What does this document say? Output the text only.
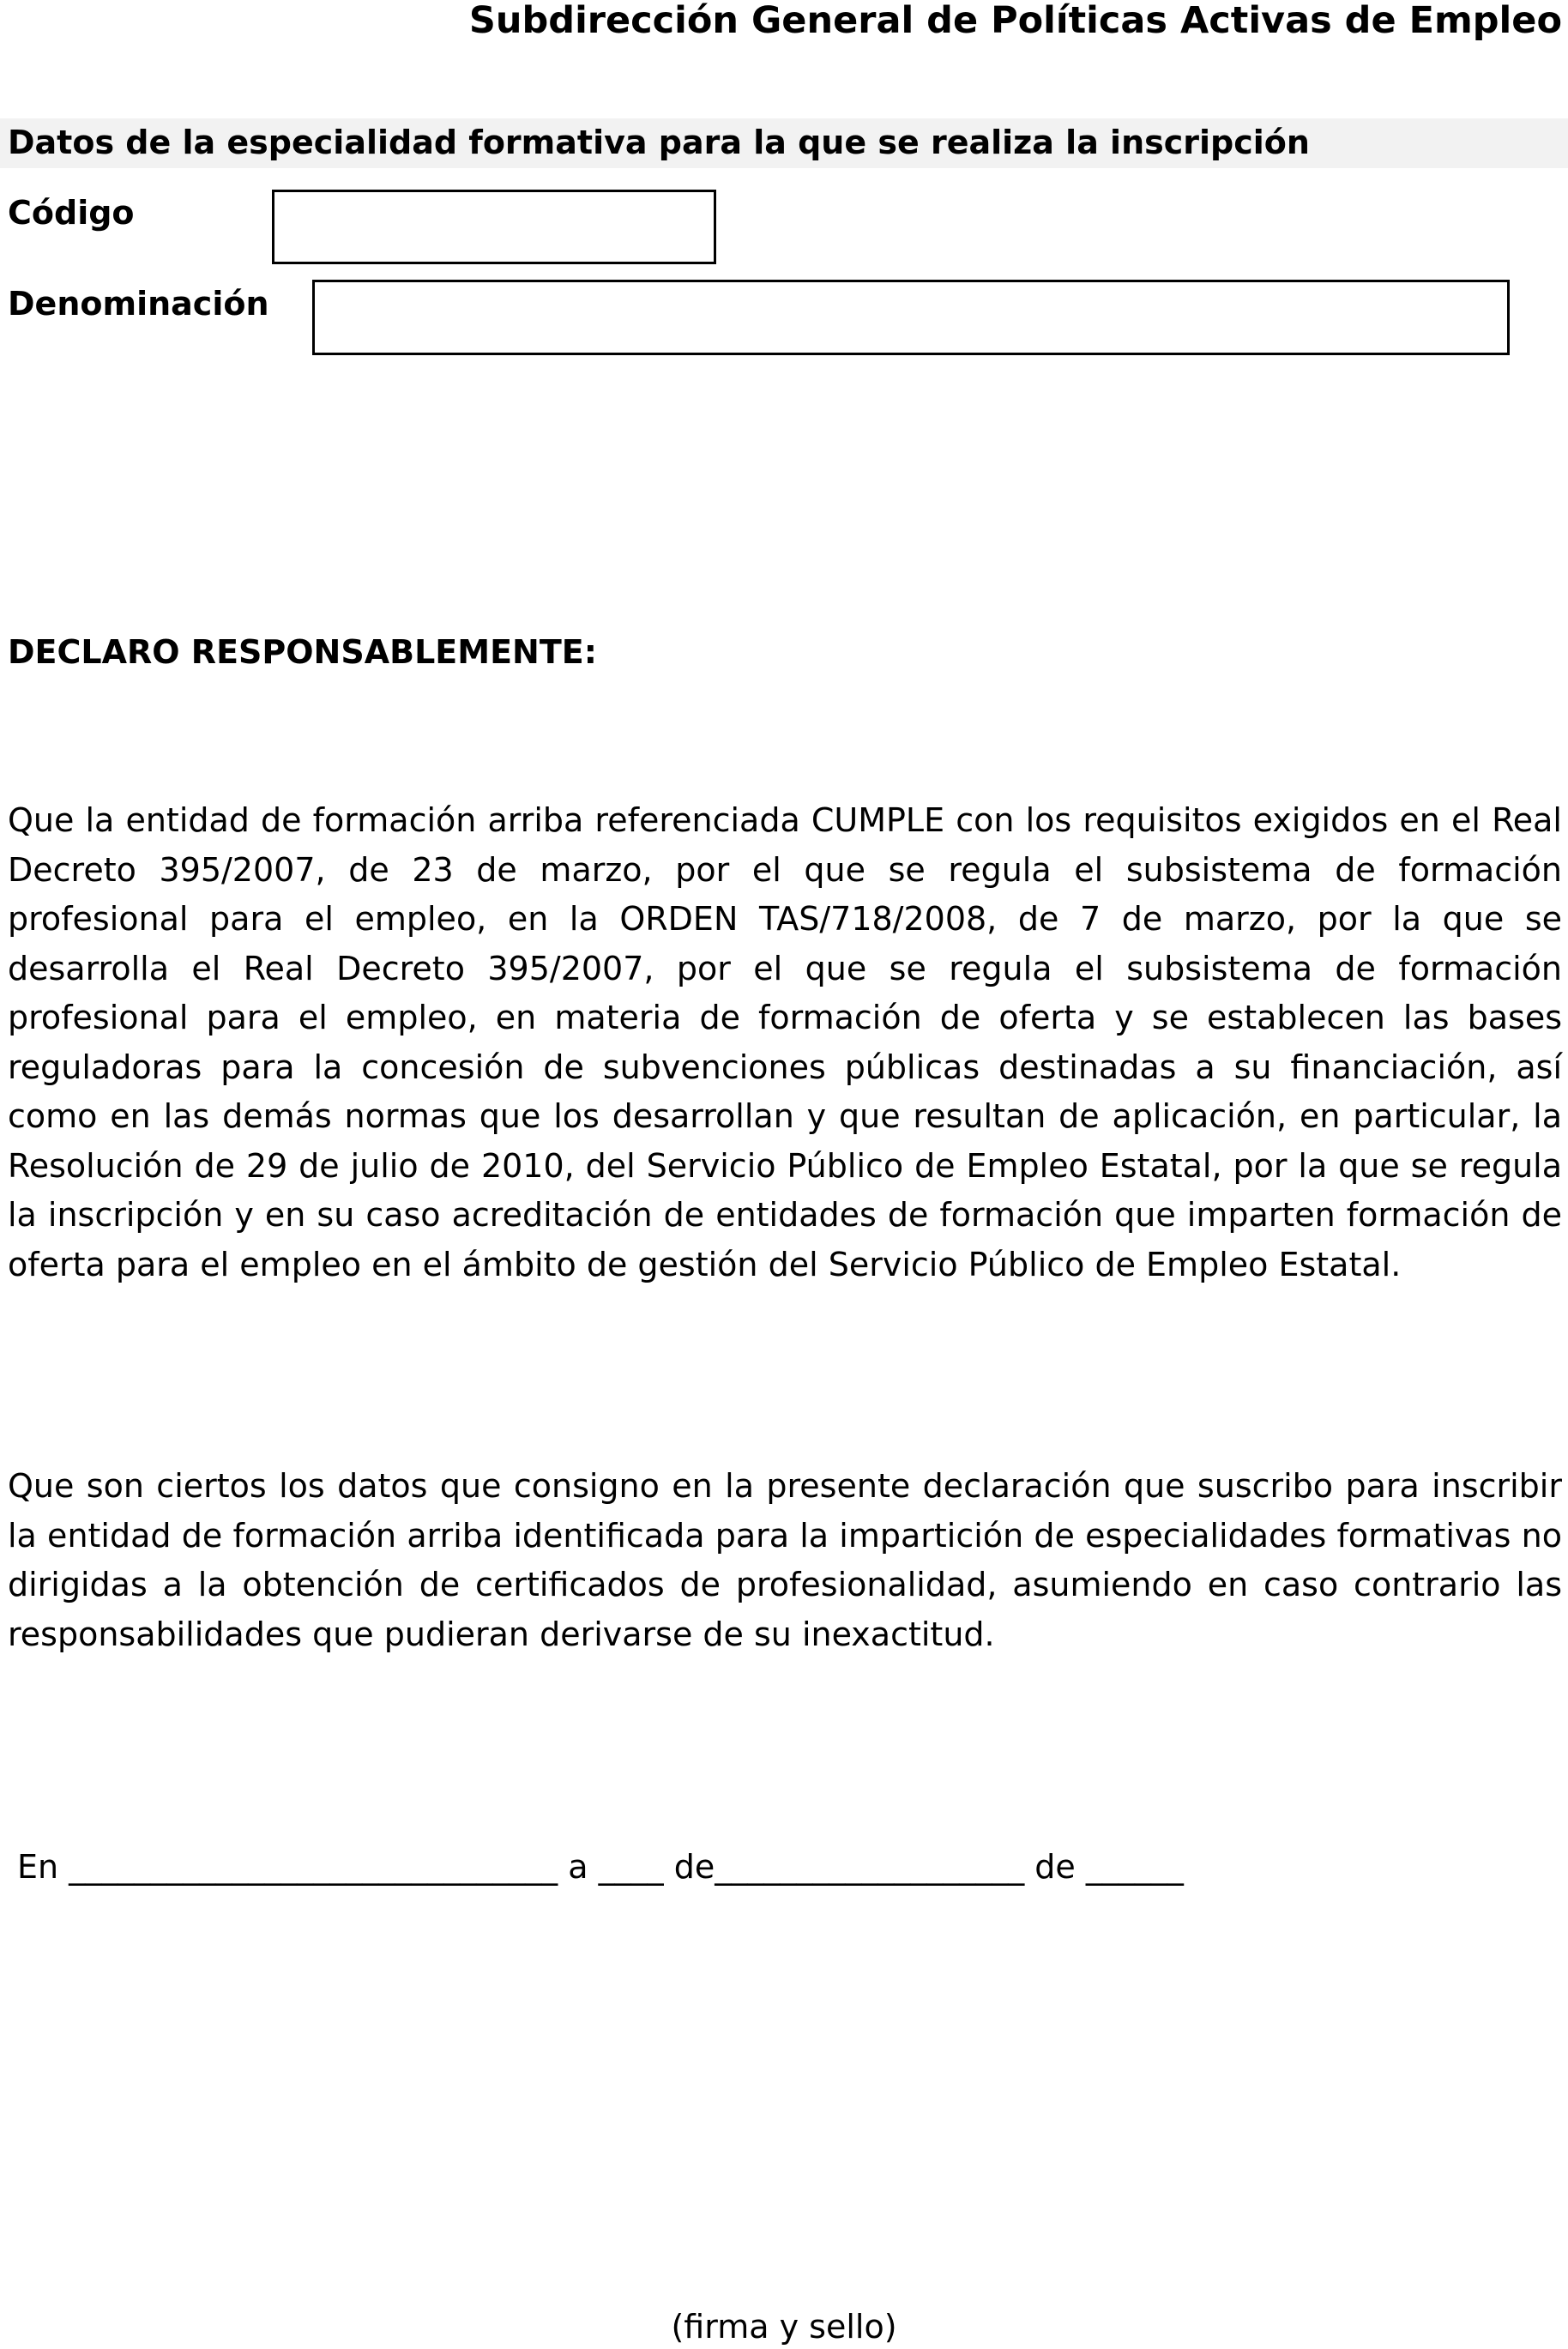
Subdirección General de Políticas Activas de Empleo
Datos de la especialidad formativa para la que se realiza la inscripción
Código
Denominación
DECLARO RESPONSABLEMENTE:

Que la entidad de formación arriba referenciada CUMPLE con los requisitos exigidos en el Real Decreto 395/2007, de 23 de marzo, por el que se regula el subsistema de formación profesional para el empleo, en la ORDEN TAS/718/2008, de 7 de marzo, por la que se desarrolla el Real Decreto 395/2007, por el que se regula el subsistema de formación profesional para el empleo, en materia de formación de oferta y se establecen las bases reguladoras para la concesión de subvenciones públicas destinadas a su financiación, así como en las demás normas que los desarrollan y que resultan de aplicación, en particular, la Resolución de 29 de julio de 2010, del Servicio Público de Empleo Estatal, por la que se regula la inscripción y en su caso acreditación de entidades de formación que imparten formación de oferta para el empleo en el ámbito de gestión del Servicio Público de Empleo Estatal.

Que son ciertos los datos que consigno en la presente declaración que suscribo para inscribir la entidad de formación arriba identificada para la impartición de especialidades formativas no dirigidas a la obtención de certificados de profesionalidad, asumiendo en caso contrario las responsabilidades que pudieran derivarse de su inexactitud.

En ______________________________ a ____ de___________________ de ______
(firma y sello)
